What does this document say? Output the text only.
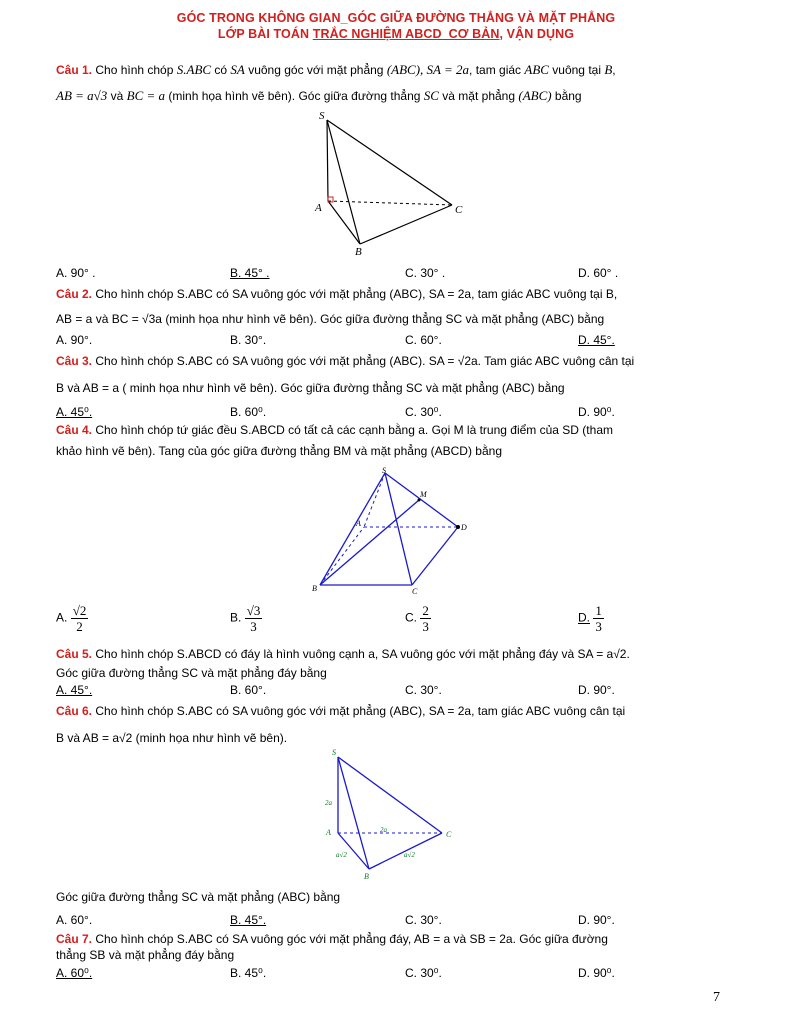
GÓC TRONG KHÔNG GIAN_GÓC GIỮA ĐƯỜNG THẲNG VÀ MẶT PHẲNG
LỚP BÀI TOÁN TRẮC NGHIỆM ABCD_CƠ BẢN, VẬN DỤNG
Câu 1. Cho hình chóp S.ABC có SA vuông góc với mặt phẳng (ABC), SA = 2a, tam giác ABC vuông tại B,
AB = a√3 và BC = a (minh họa hình vẽ bên). Góc giữa đường thẳng SC và mặt phẳng (ABC) bằng
S
A
B
C
A. 90° .	B. 45° .	C. 30° .	D. 60° .
Câu 2. Cho hình chóp S.ABC có SA vuông góc với mặt phẳng (ABC), SA = 2a, tam giác ABC vuông tại B,
AB = a và BC = √3a (minh họa như hình vẽ bên). Góc giữa đường thẳng SC và mặt phẳng (ABC) bằng
A. 90°.	B. 30°.	C. 60°.	D. 45°.
Câu 3. Cho hình chóp S.ABC có SA vuông góc với mặt phẳng (ABC). SA = √2a. Tam giác ABC vuông cân tại
B và AB = a ( minh họa như hình vẽ bên). Góc giữa đường thẳng SC và mặt phẳng (ABC) bằng
A. 45⁰.	B. 60⁰.	C. 30⁰.	D. 90⁰.
Câu 4. Cho hình chóp tứ giác đều S.ABCD có tất cả các cạnh bằng a. Gọi M là trung điểm của SD (tham
khảo hình vẽ bên). Tang của góc giữa đường thẳng BM và mặt phẳng (ABCD) bằng
S
A
B	C
D
M
A. $\frac{√2}{2}$	B. $\frac{√3}{3}$	C. $\frac{2}{3}$	D. $\frac{1}{3}$
Câu 5. Cho hình chóp S.ABCD có đáy là hình vuông cạnh a, SA vuông góc với mặt phẳng đáy và SA = a√2.
Góc giữa đường thẳng SC và mặt phẳng đáy bằng
A. 45°.	B. 60°.	C. 30°.	D. 90°.
Câu 6. Cho hình chóp S.ABC có SA vuông góc với mặt phẳng (ABC), SA = 2a, tam giác ABC vuông cân tại
B và AB = a√2 (minh họa như hình vẽ bên).
S
A
B
C
2a
2a
a√2	a√2
Góc giữa đường thẳng SC và mặt phẳng (ABC) bằng
A. 60°.	B. 45°.	C. 30°.	D. 90°.
Câu 7. Cho hình chóp S.ABC có SA vuông góc với mặt phẳng đáy, AB = a và SB = 2a. Góc giữa đường
thẳng SB và mặt phẳng đáy bằng
A. 60⁰.	B. 45⁰.	C. 30⁰.	D. 90⁰.
7
